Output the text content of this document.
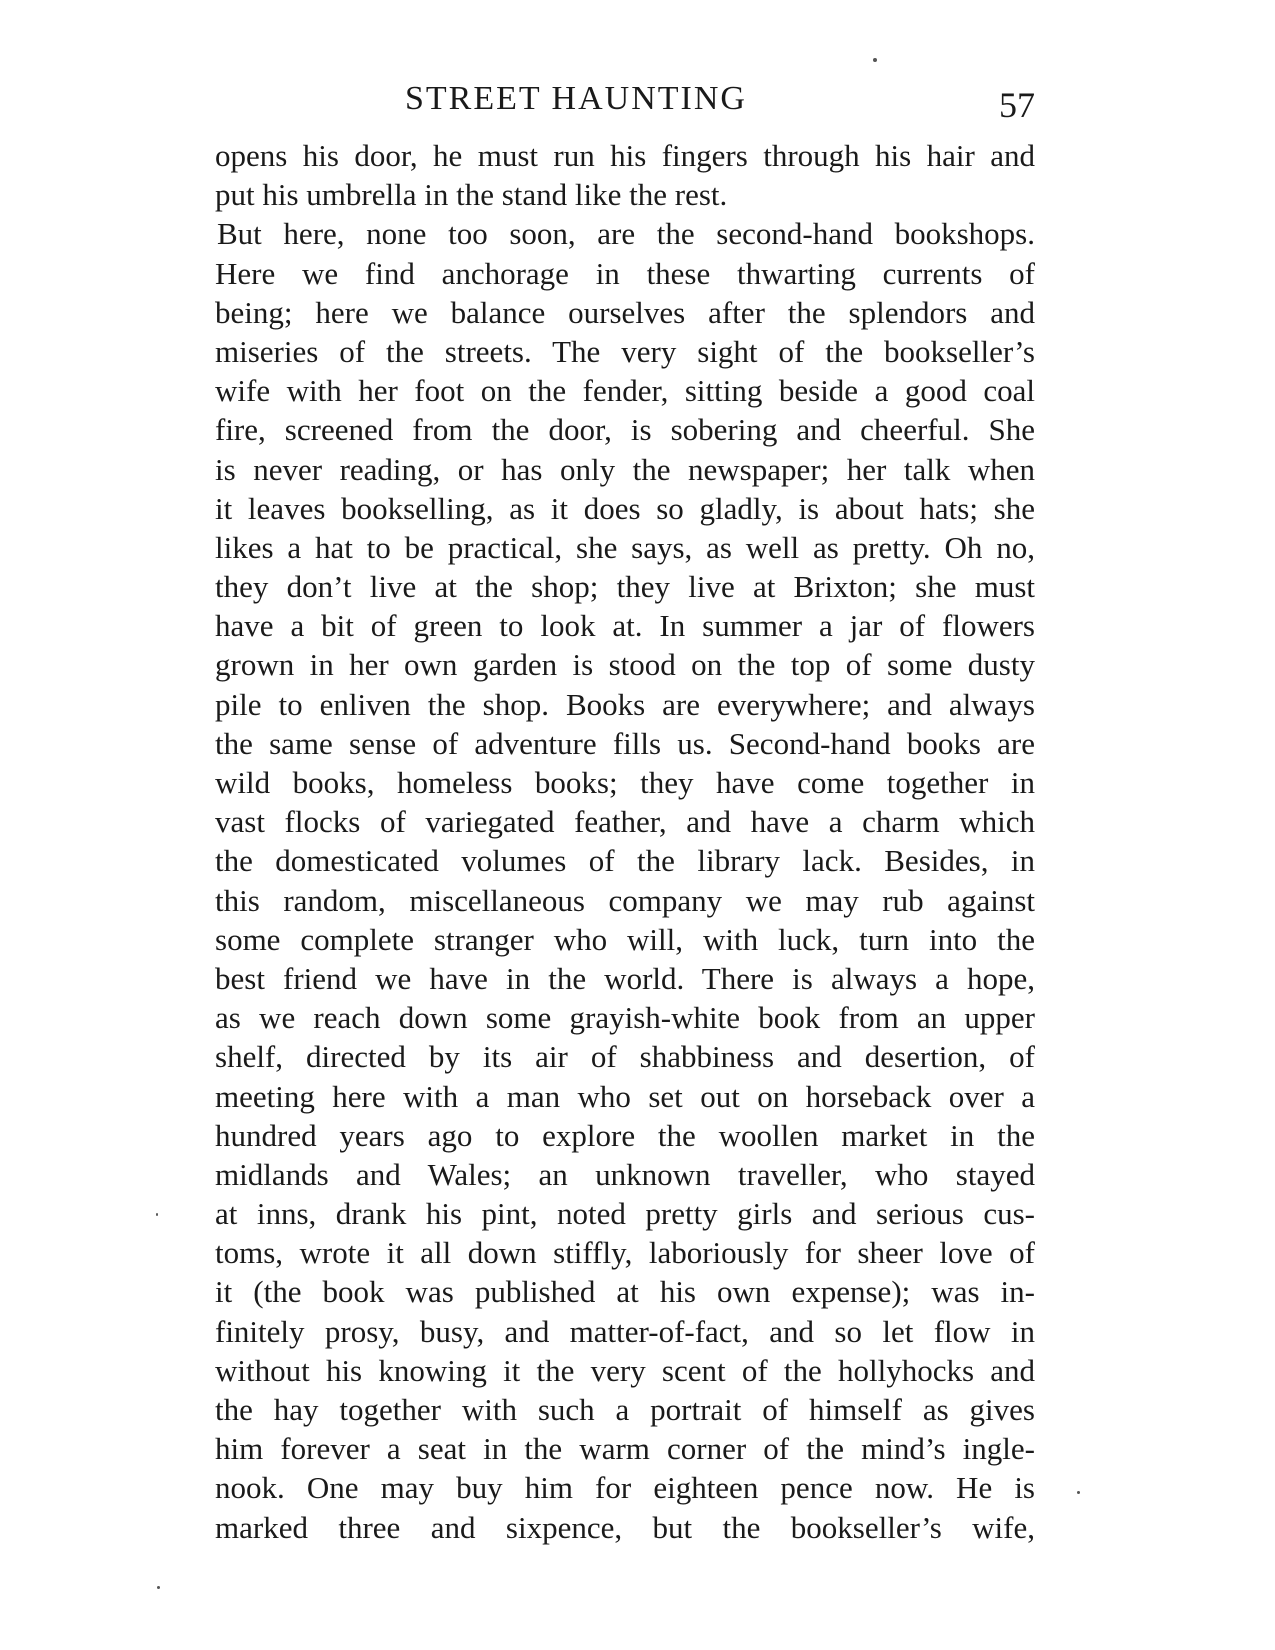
STREET HAUNTING	57
opens his door, he must run his fingers through his hair and
put his umbrella in the stand like the rest.
But here, none too soon, are the second-hand bookshops.
Here we find anchorage in these thwarting currents of
being; here we balance ourselves after the splendors and
miseries of the streets. The very sight of the bookseller’s
wife with her foot on the fender, sitting beside a good coal
fire, screened from the door, is sobering and cheerful. She
is never reading, or has only the newspaper; her talk when
it leaves bookselling, as it does so gladly, is about hats; she
likes a hat to be practical, she says, as well as pretty. Oh no,
they don’t live at the shop; they live at Brixton; she must
have a bit of green to look at. In summer a jar of flowers
grown in her own garden is stood on the top of some dusty
pile to enliven the shop. Books are everywhere; and always
the same sense of adventure fills us. Second-hand books are
wild books, homeless books; they have come together in
vast flocks of variegated feather, and have a charm which
the domesticated volumes of the library lack. Besides, in
this random, miscellaneous company we may rub against
some complete stranger who will, with luck, turn into the
best friend we have in the world. There is always a hope,
as we reach down some grayish-white book from an upper
shelf, directed by its air of shabbiness and desertion, of
meeting here with a man who set out on horseback over a
hundred years ago to explore the woollen market in the
midlands and Wales; an unknown traveller, who stayed
at inns, drank his pint, noted pretty girls and serious cus-
toms, wrote it all down stiffly, laboriously for sheer love of
it (the book was published at his own expense); was in-
finitely prosy, busy, and matter-of-fact, and so let flow in
without his knowing it the very scent of the hollyhocks and
the hay together with such a portrait of himself as gives
him forever a seat in the warm corner of the mind’s ingle-
nook. One may buy him for eighteen pence now. He is
marked three and sixpence, but the bookseller’s wife,
